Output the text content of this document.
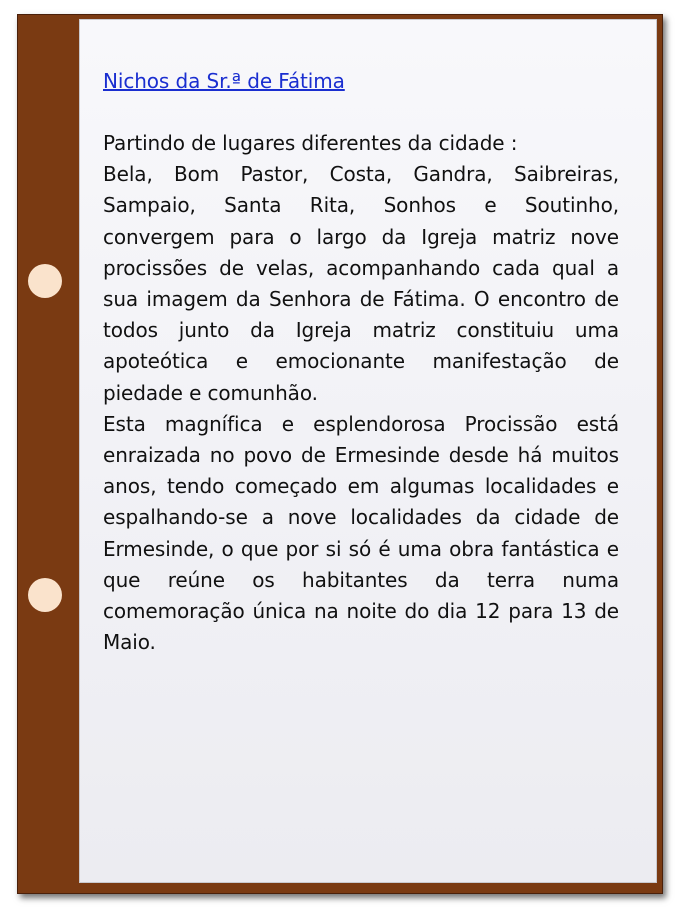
Nichos da Sr.ª de Fátima

Partindo de lugares diferentes da cidade :

Bela, Bom Pastor, Costa, Gandra, Saibreiras, Sampaio, Santa Rita, Sonhos e Soutinho, convergem para o largo da Igreja matriz nove procissões de velas, acompanhando cada qual a sua imagem da Senhora de Fátima. O encontro de todos junto da Igreja matriz constituiu uma apoteótica e emocionante manifestação de piedade e comunhão.

Esta magnífica e esplendorosa Procissão está enraizada no povo de Ermesinde desde há muitos anos, tendo começado em algumas localidades e espalhando-se a nove localidades da cidade de Ermesinde, o que por si só é uma obra fantástica e que reúne os habitantes da terra numa comemoração única na noite do dia 12 para 13 de Maio.
